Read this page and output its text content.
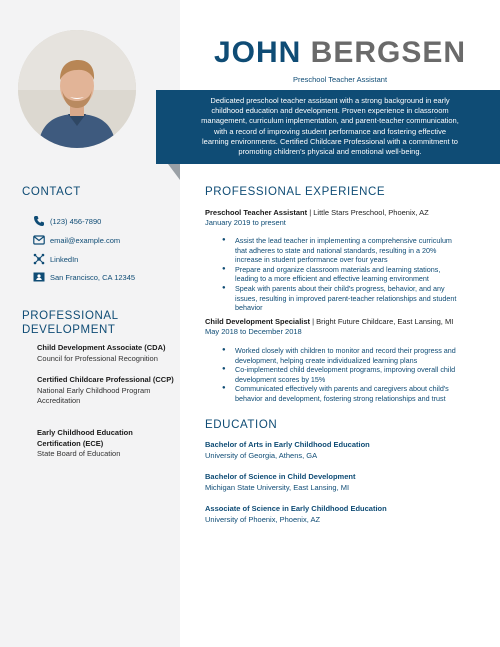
JOHN BERGSEN
Preschool Teacher Assistant
Dedicated preschool teacher assistant with a strong background in early childhood education and development. Proven experience in classroom management, curriculum implementation, and parent-teacher communication, with a record of improving student performance and fostering effective learning environments. Certified Childcare Professional with a commitment to promoting children's physical and emotional well-being.
CONTACT
(123) 456-7890
email@example.com
LinkedIn
San Francisco, CA 12345
PROFESSIONAL
DEVELOPMENT
Child Development Associate (CDA)
Council for Professional Recognition
Certified Childcare Professional (CCP)
National Early Childhood Program Accreditation
Early Childhood Education Certification (ECE)
State Board of Education
PROFESSIONAL EXPERIENCE
Preschool Teacher Assistant | Little Stars Preschool, Phoenix, AZ
January 2019 to present
● Assist the lead teacher in implementing a comprehensive curriculum that adheres to state and national standards, resulting in a 20% increase in student performance over four years
● Prepare and organize classroom materials and learning stations, leading to a more efficient and effective learning environment
● Speak with parents about their child's progress, behavior, and any issues, resulting in improved parent-teacher relationships and student behavior
Child Development Specialist | Bright Future Childcare, East Lansing, MI
May 2018 to December 2018
● Worked closely with children to monitor and record their progress and development, helping create individualized learning plans
● Co-implemented child development programs, improving overall child development scores by 15%
● Communicated effectively with parents and caregivers about child's behavior and development, fostering strong relationships and trust
EDUCATION
Bachelor of Arts in Early Childhood Education
University of Georgia, Athens, GA
Bachelor of Science in Child Development
Michigan State University, East Lansing, MI
Associate of Science in Early Childhood Education
University of Phoenix, Phoenix, AZ
